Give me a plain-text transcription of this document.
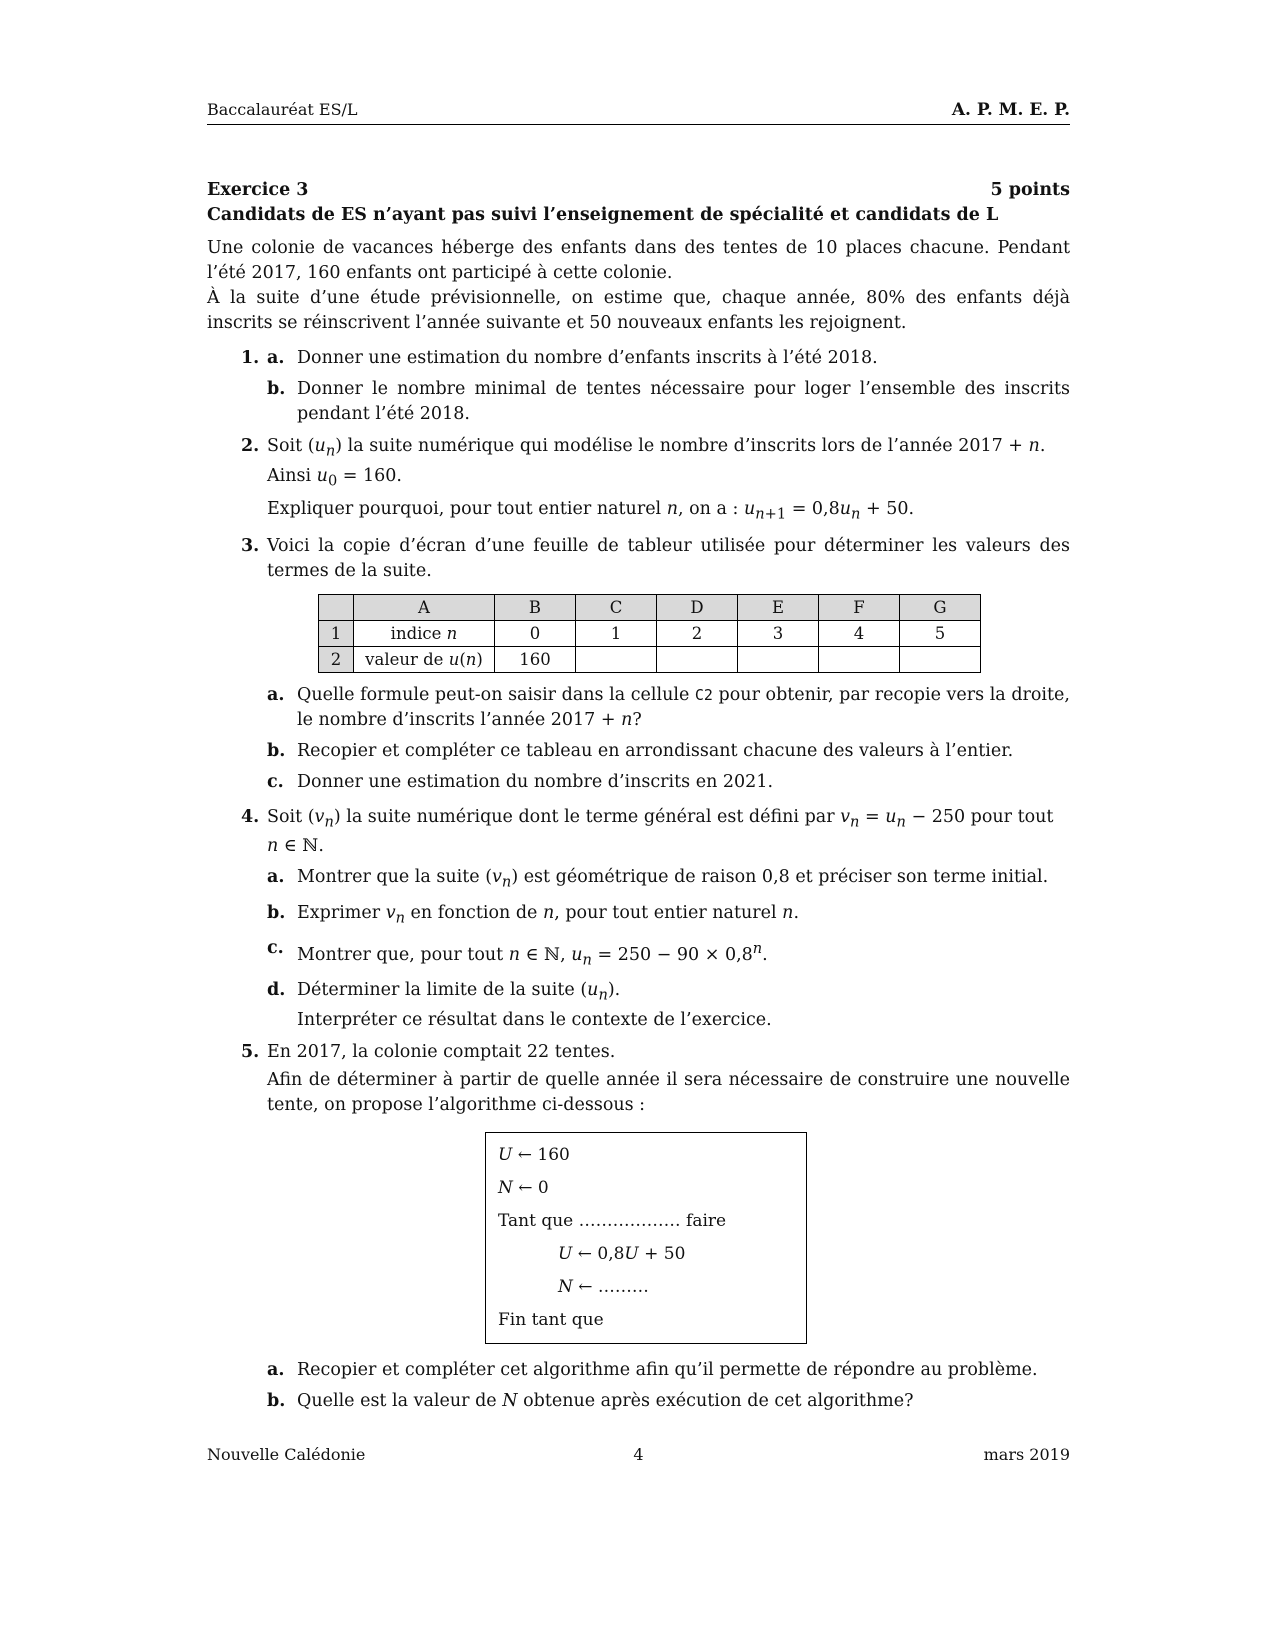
Baccalauréat ES/L	A. P. M. E. P.
Exercice 3	5 points
Candidats de ES n’ayant pas suivi l’enseignement de spécialité et candidats de L

Une colonie de vacances héberge des enfants dans des tentes de 10 places chacune. Pendant l’été 2017, 160 enfants ont participé à cette colonie.

À la suite d’une étude prévisionnelle, on estime que, chaque année, 80% des enfants déjà inscrits se réinscrivent l’année suivante et 50 nouveaux enfants les rejoignent.

1. a. Donner une estimation du nombre d’enfants inscrits à l’été 2018.
b. Donner le nombre minimal de tentes nécessaire pour loger l’ensemble des inscrits pendant l’été 2018.
2. Soit $(u_n)$ la suite numérique qui modélise le nombre d’inscrits lors de l’année 2017 + n. Ainsi $u_0 = 160$.

Expliquer pourquoi, pour tout entier naturel n, on a : $u_{n+1} = 0,8u_n + 50$.

3. Voici la copie d’écran d’une feuille de tableur utilisée pour déterminer les valeurs des termes de la suite.

	A	B	C	D	E	F	G
1	indice n	0	1	2	3	4	5
2	valeur de u(n)	160					
a. Quelle formule peut-on saisir dans la cellule C2 pour obtenir, par recopie vers la droite, le nombre d’inscrits l’année 2017 + n?
b. Recopier et compléter ce tableau en arrondissant chacune des valeurs à l’entier.
c. Donner une estimation du nombre d’inscrits en 2021.
4. Soit $(v_n)$ la suite numérique dont le terme général est défini par $v_n = u_n - 250$ pour tout n ∈ ℕ.

a. Montrer que la suite $(v_n)$ est géométrique de raison 0,8 et préciser son terme initial.
b. Exprimer $v_n$ en fonction de n, pour tout entier naturel n.
c. Montrer que, pour tout n ∈ ℕ, $u_n = 250 - 90 \times 0,8^n$.
d. Déterminer la limite de la suite $(u_n)$.
Interpréter ce résultat dans le contexte de l’exercice.
5. En 2017, la colonie comptait 22 tentes.

Afin de déterminer à partir de quelle année il sera nécessaire de construire une nouvelle tente, on propose l’algorithme ci-dessous :

U ← 160
N ← 0
Tant que ……………… faire
U ← 0,8U + 50
N ← ………
Fin tant que
a. Recopier et compléter cet algorithme afin qu’il permette de répondre au problème.
b. Quelle est la valeur de N obtenue après exécution de cet algorithme?
Nouvelle Calédonie	4	mars 2019
